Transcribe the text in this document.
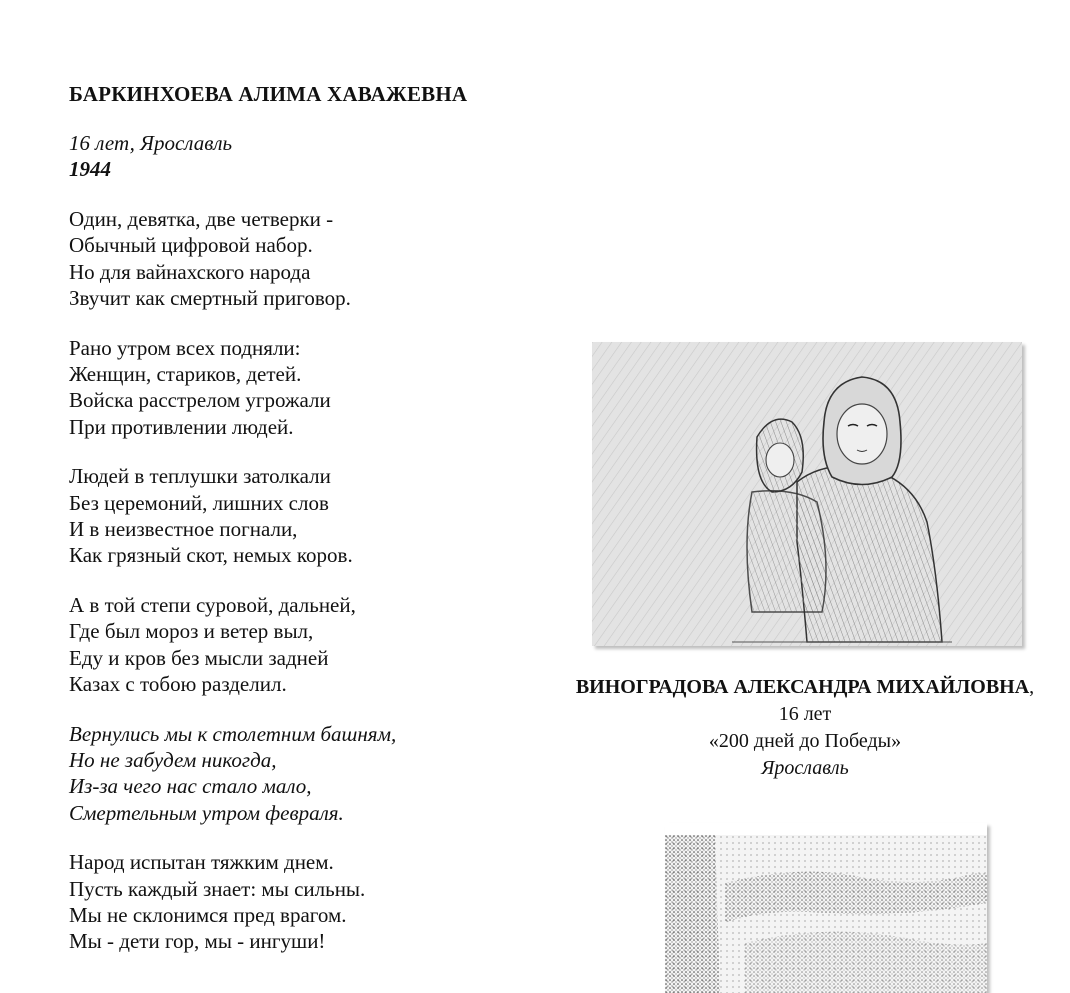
БАРКИНХОЕВА АЛИМА ХАВАЖЕВНА
16 лет, Ярославль
1944
Один, девятка, две четверки -
Обычный цифровой набор.
Но для вайнахского народа
Звучит как смертный приговор.
Рано утром всех подняли:
Женщин, стариков, детей.
Войска расстрелом угрожали
При противлении людей.
Людей в теплушки затолкали
Без церемоний, лишних слов
И в неизвестное погнали,
Как грязный скот, немых коров.
А в той степи суровой, дальней,
Где был мороз и ветер выл,
Еду и кров без мысли задней
Казах с тобою разделил.
Вернулись мы к столетним башням,
Но не забудем никогда,
Из-за чего нас стало мало,
Смертельным утром февраля.
Народ испытан тяжким днем.
Пусть каждый знает: мы сильны.
Мы не склонимся пред врагом.
Мы - дети гор, мы - ингуши!
ВИНОГРАДОВА АЛЕКСАНДРА МИХАЙЛОВНА,
16 лет
«200 дней до Победы»
Ярославль
